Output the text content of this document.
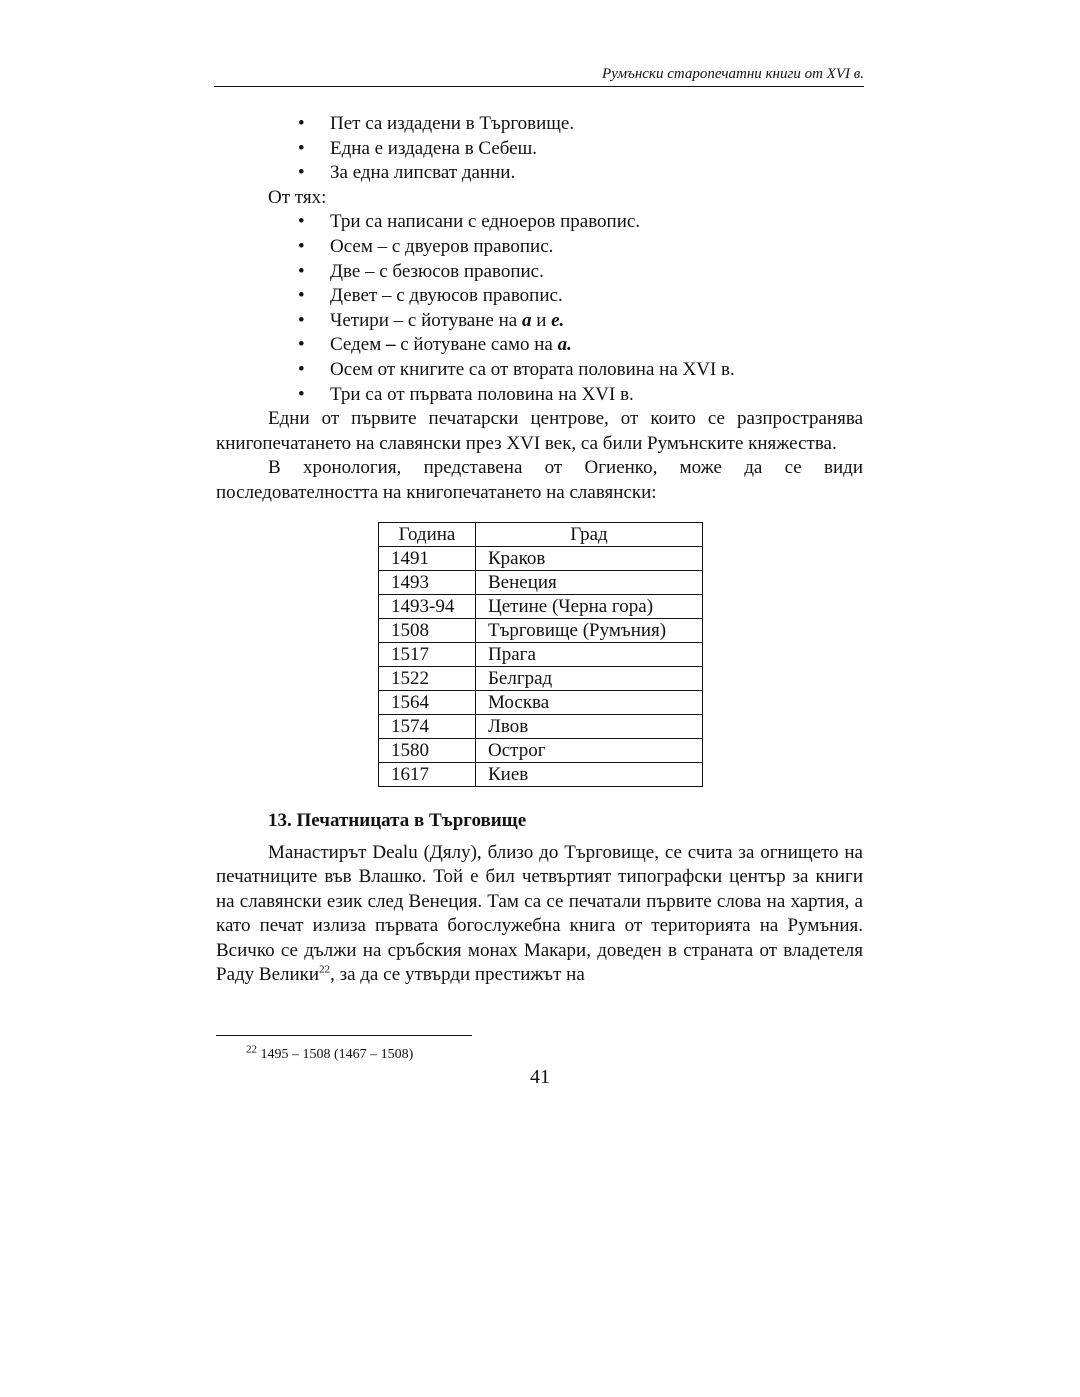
Румънски старопечатни книги от XVI в.
• Пет са издадени в Търговище.
• Една е издадена в Себеш.
• За една липсват данни.
От тях:
• Три са написани с едноеров правопис.
• Осем – с двуеров правопис.
• Две – с безюсов правопис.
• Девет – с двуюсов правопис.
• Четири – с йотуване на а и е.
• Седем – с йотуване само на а.
• Осем от книгите са от втората половина на XVI в.
• Три са от първата половина на XVI в.

Едни от първите печатарски центрове, от които се разпространява книгопечатането на славянски през XVI век, са били Румънските княжества.

В хронология, представена от Огиенко, може да се види последователността на книгопечатането на славянски:

Година	Град
1491	Краков
1493	Венеция
1493-94	Цетине (Черна гора)
1508	Търговище (Румъния)
1517	Прага
1522	Белград
1564	Москва
1574	Лвов
1580	Острог
1617	Киев
13. Печатницата в Търговище

Манастирът Dealu (Дялу), близо до Търговище, се счита за огнището на печатниците във Влашко. Той е бил четвъртият типографски център за книги на славянски език след Венеция. Там са се печатали първите слова на хартия, а като печат излиза първата богослужебна книга от територията на Румъния. Всичко се дължи на сръбския монах Макари, доведен в страната от владетеля Раду Велики$^{22}$, за да се утвърди престижът на

$^{22}$ 1495 – 1508 (1467 – 1508)
41
